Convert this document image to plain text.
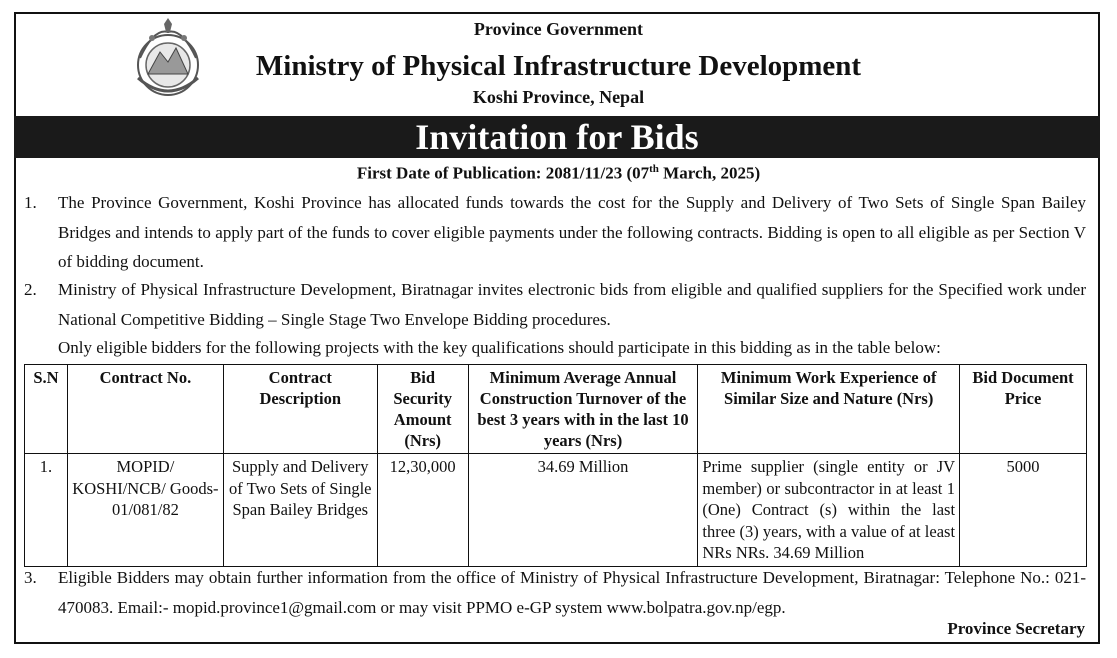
Province Government
Ministry of Physical Infrastructure Development
Koshi Province, Nepal
Invitation for Bids
First Date of Publication: 2081/11/23 (07th March, 2025)
1. The Province Government, Koshi Province has allocated funds towards the cost for the Supply and Delivery of Two Sets of Single Span Bailey Bridges and intends to apply part of the funds to cover eligible payments under the following contracts. Bidding is open to all eligible as per Section V of bidding document.
2. Ministry of Physical Infrastructure Development, Biratnagar invites electronic bids from eligible and qualified suppliers for the Specified work under National Competitive Bidding – Single Stage Two Envelope Bidding procedures.
Only eligible bidders for the following projects with the key qualifications should participate in this bidding as in the table below:
S.N	Contract No.	Contract Description	Bid Security Amount (Nrs)	Minimum Average Annual Construction Turnover of the best 3 years with in the last 10 years (Nrs)	Minimum Work Experience of Similar Size and Nature (Nrs)	Bid Document Price
1.	MOPID/ KOSHI/NCB/ Goods-01/081/82	Supply and Delivery of Two Sets of Single Span Bailey Bridges	12,30,000	34.69 Million	Prime supplier (single entity or JV member) or subcontractor in at least 1 (One) Contract (s) within the last three (3) years, with a value of at least NRs NRs. 34.69 Million	5000
3. Eligible Bidders may obtain further information from the office of Ministry of Physical Infrastructure Development, Biratnagar: Telephone No.: 021-470083. Email:- mopid.province1@gmail.com or may visit PPMO e-GP system www.bolpatra.gov.np/egp.
Province Secretary
